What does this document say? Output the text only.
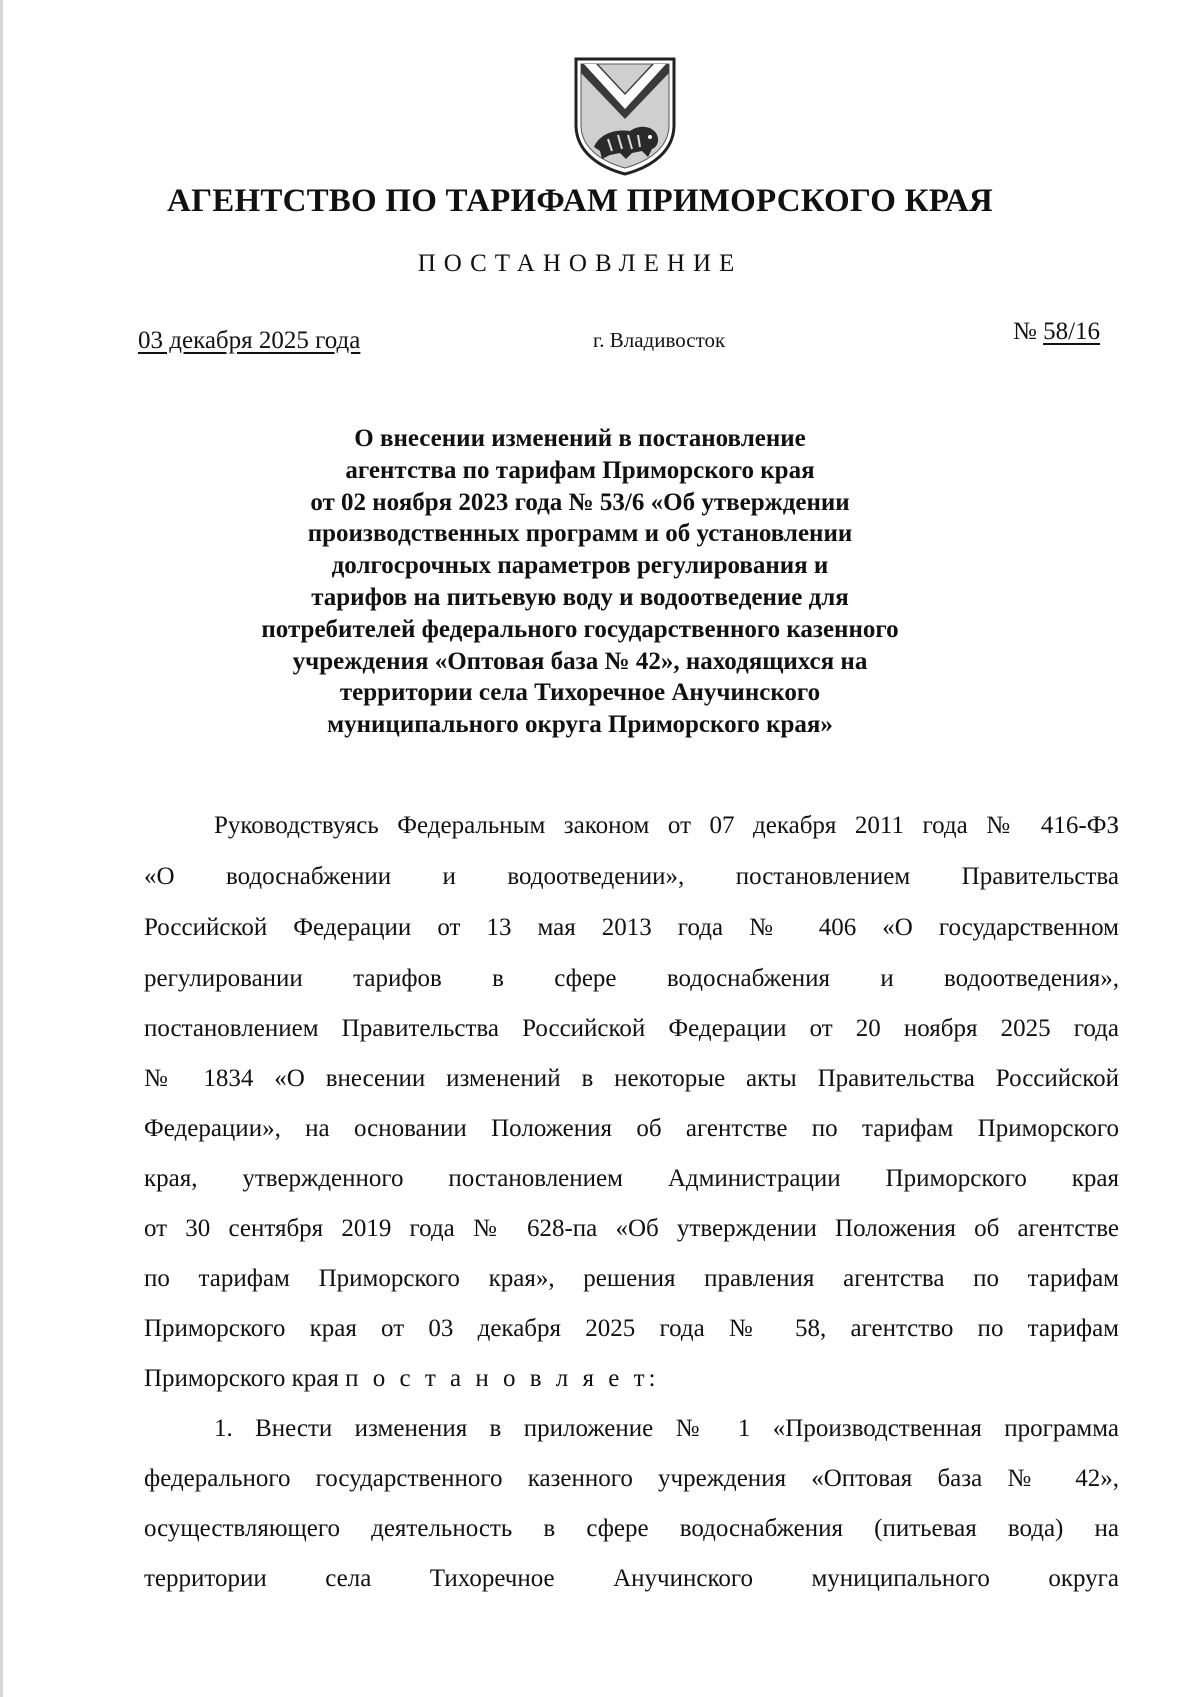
АГЕНТСТВО ПО ТАРИФАМ ПРИМОРСКОГО КРАЯ
ПОСТАНОВЛЕНИЕ
03 декабря 2025 года	г. Владивосток	№ 58/16
О внесении изменений в постановление
агентства по тарифам Приморского края
от 02 ноября 2023 года № 53/6 «Об утверждении
производственных программ и об установлении
долгосрочных параметров регулирования и
тарифов на питьевую воду и водоотведение для
потребителей федерального государственного казенного
учреждения «Оптовая база № 42», находящихся на
территории села Тихоречное Анучинского
муниципального округа Приморского края»
Руководствуясь Федеральным законом от 07 декабря 2011 года № 416-ФЗ
«О водоснабжении и водоотведении», постановлением Правительства
Российской Федерации от 13 мая 2013 года № 406 «О государственном
регулировании тарифов в сфере водоснабжения и водоотведения»,
постановлением Правительства Российской Федерации от 20 ноября 2025 года
№ 1834 «О внесении изменений в некоторые акты Правительства Российской
Федерации», на основании Положения об агентстве по тарифам Приморского
края, утвержденного постановлением Администрации Приморского края
от 30 сентября 2019 года № 628-па «Об утверждении Положения об агентстве
по тарифам Приморского края», решения правления агентства по тарифам
Приморского края от 03 декабря 2025 года № 58, агентство по тарифам
Приморского края п о с т а н о в л я е т:
1. Внести изменения в приложение № 1 «Производственная программа
федерального государственного казенного учреждения «Оптовая база № 42»,
осуществляющего деятельность в сфере водоснабжения (питьевая вода) на
территории села Тихоречное Анучинского муниципального округа
